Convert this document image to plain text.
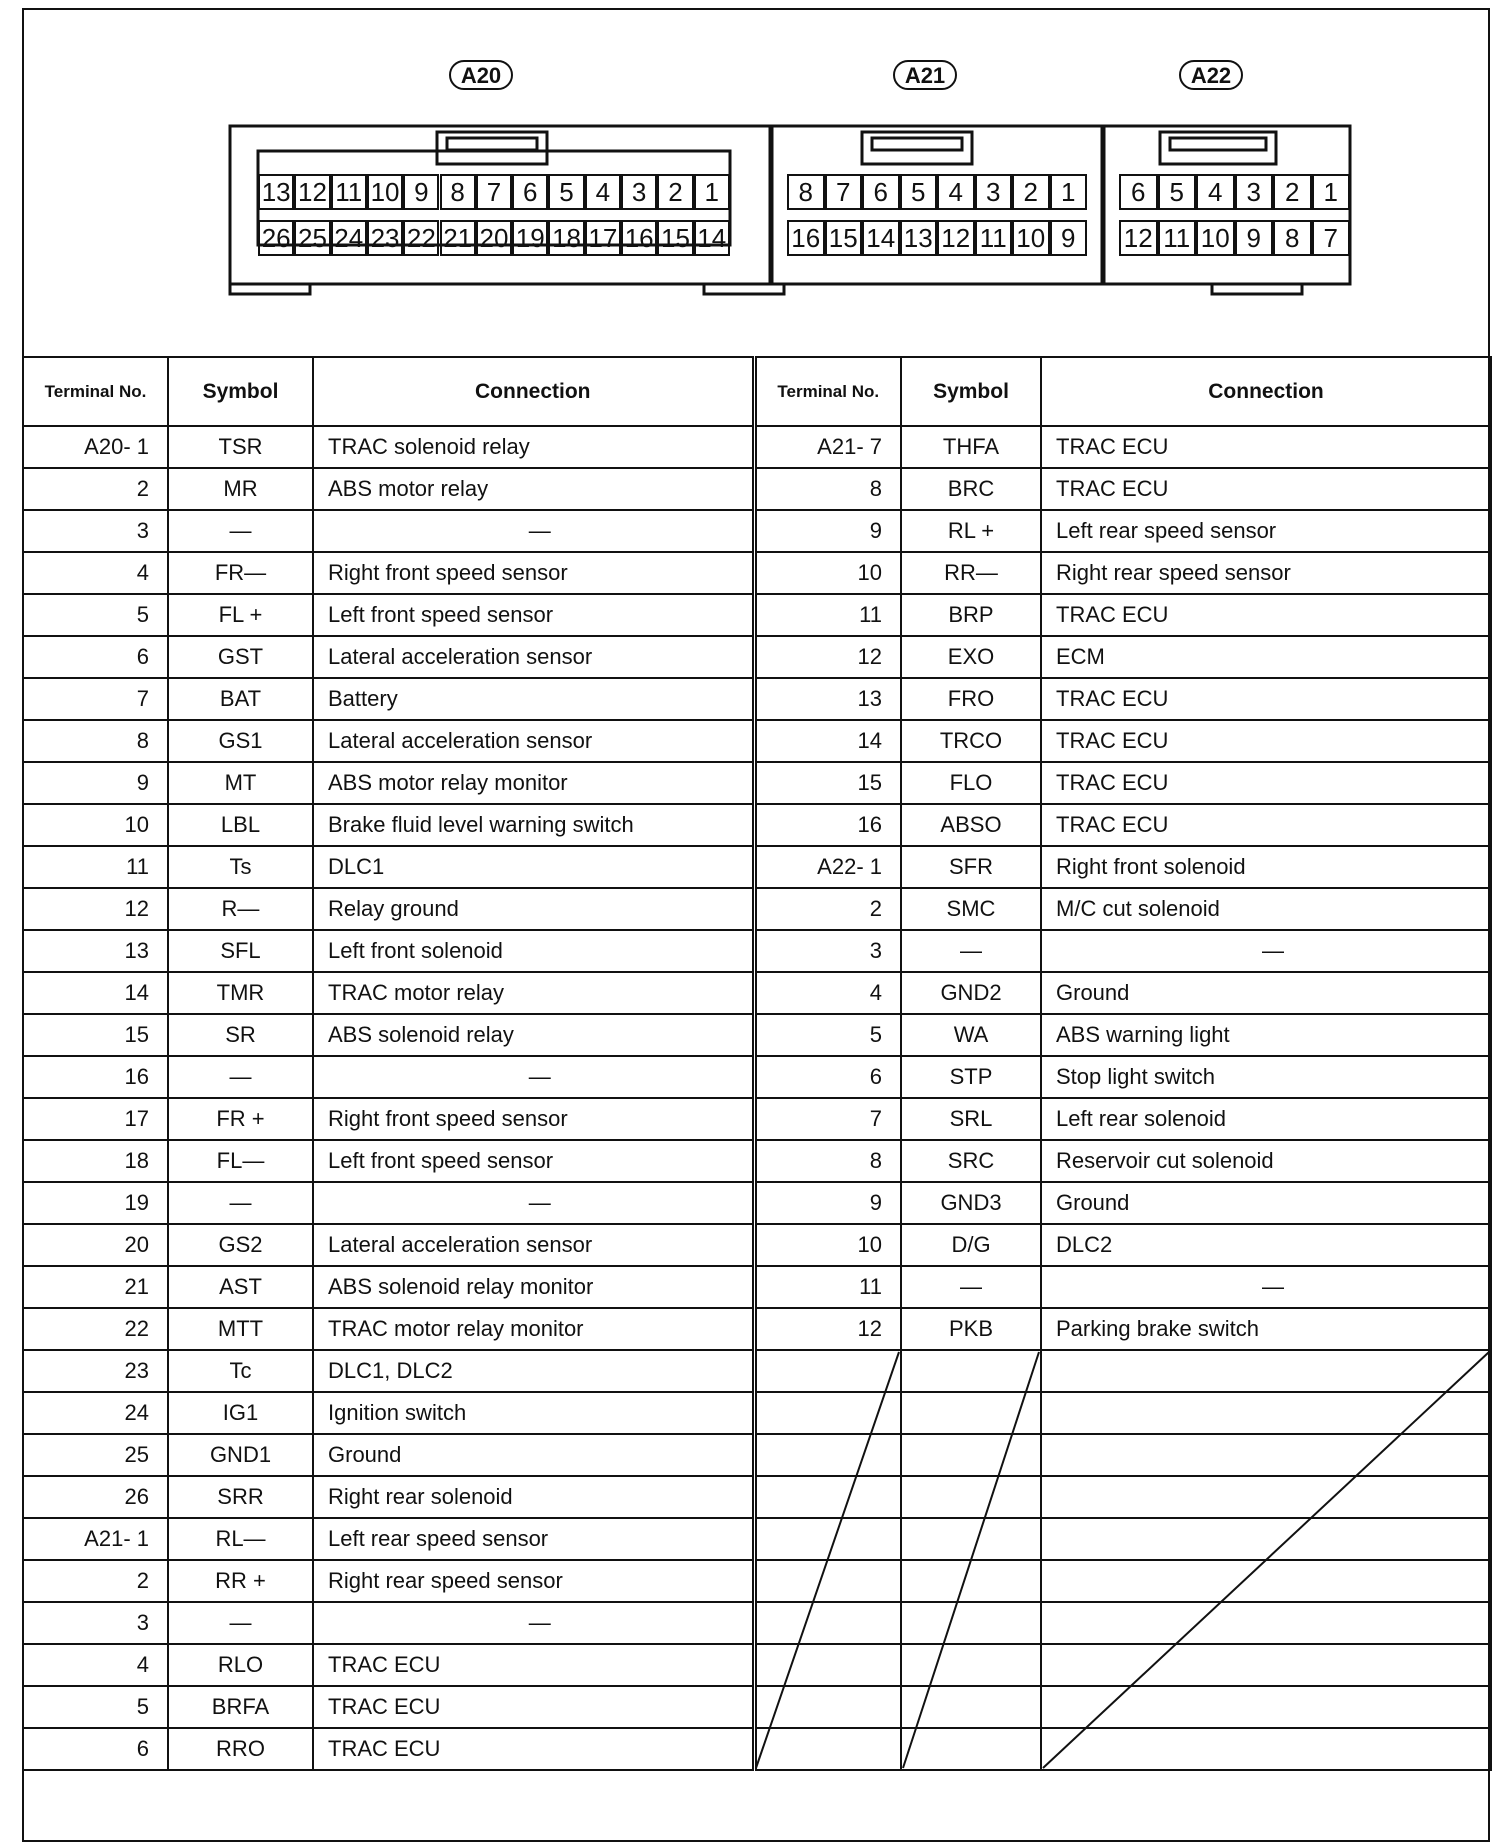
A20	A21	A22
13 12 11 10 9 8 7 6 5 4 3 2 1
26 25 24 23 22 21 20 19 18 17 16 15 14
8 7 6 5 4 3 2 1
16 15 14 13 12 11 10 9
6 5 4 3 2 1
12 11 10 9 8 7
Terminal No.	Symbol	Connection	Terminal No.	Symbol	Connection
A20- 1	TSR	TRAC solenoid relay	A21- 7	THFA	TRAC ECU
2	MR	ABS motor relay	8	BRC	TRAC ECU
3	—	—	9	RL +	Left rear speed sensor
4	FR—	Right front speed sensor	10	RR—	Right rear speed sensor
5	FL +	Left front speed sensor	11	BRP	TRAC ECU
6	GST	Lateral acceleration sensor	12	EXO	ECM
7	BAT	Battery	13	FRO	TRAC ECU
8	GS1	Lateral acceleration sensor	14	TRCO	TRAC ECU
9	MT	ABS motor relay monitor	15	FLO	TRAC ECU
10	LBL	Brake fluid level warning switch	16	ABSO	TRAC ECU
11	Ts	DLC1	A22- 1	SFR	Right front solenoid
12	R—	Relay ground	2	SMC	M/C cut solenoid
13	SFL	Left front solenoid	3	—	—
14	TMR	TRAC motor relay	4	GND2	Ground
15	SR	ABS solenoid relay	5	WA	ABS warning light
16	—	—	6	STP	Stop light switch
17	FR +	Right front speed sensor	7	SRL	Left rear solenoid
18	FL—	Left front speed sensor	8	SRC	Reservoir cut solenoid
19	—	—	9	GND3	Ground
20	GS2	Lateral acceleration sensor	10	D/G	DLC2
21	AST	ABS solenoid relay monitor	11	—	—
22	MTT	TRAC motor relay monitor	12	PKB	Parking brake switch
23	Tc	DLC1, DLC2			
24	IG1	Ignition switch			
25	GND1	Ground			
26	SRR	Right rear solenoid			
A21- 1	RL—	Left rear speed sensor			
2	RR +	Right rear speed sensor			
3	—	—			
4	RLO	TRAC ECU			
5	BRFA	TRAC ECU			
6	RRO	TRAC ECU			
